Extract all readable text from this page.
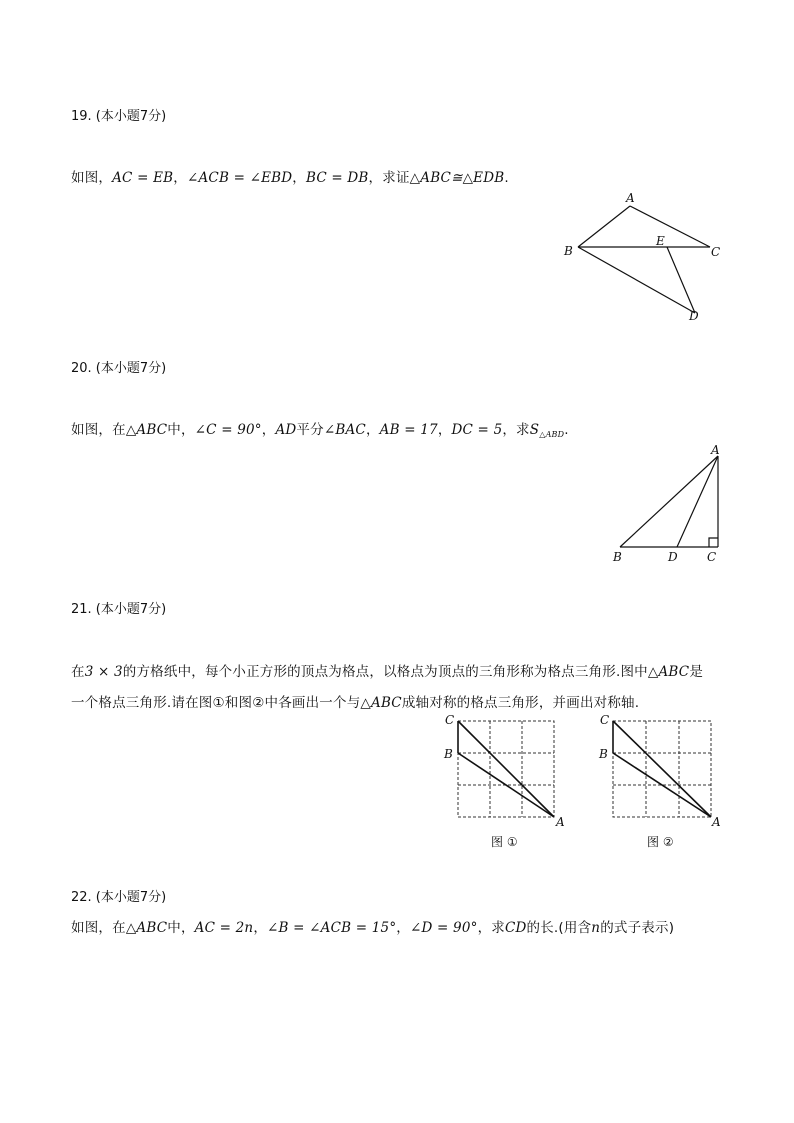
19. (本小题7分)
如图，AC = EB，∠ACB = ∠EBD，BC = DB，求证△ABC≅△EDB.
A
B	C
D
E
20. (本小题7分)
如图，在△ABC中，∠C = 90°，AD平分∠BAC，AB = 17，DC = 5，求$S_{\triangle ABD}$.
A
B	D C
21. (本小题7分)
在3 × 3的方格纸中，每个小正方形的顶点为格点，以格点为顶点的三角形称为格点三角形.图中△ABC是
一个格点三角形.请在图①和图②中各画出一个与△ABC成轴对称的格点三角形，并画出对称轴.
C
B
A
图 ①
C
B
A
图 ②
22. (本小题7分)
如图，在△ABC中，AC = 2n，∠B = ∠ACB = 15°，∠D = 90°，求CD的长.(用含n的式子表示)
